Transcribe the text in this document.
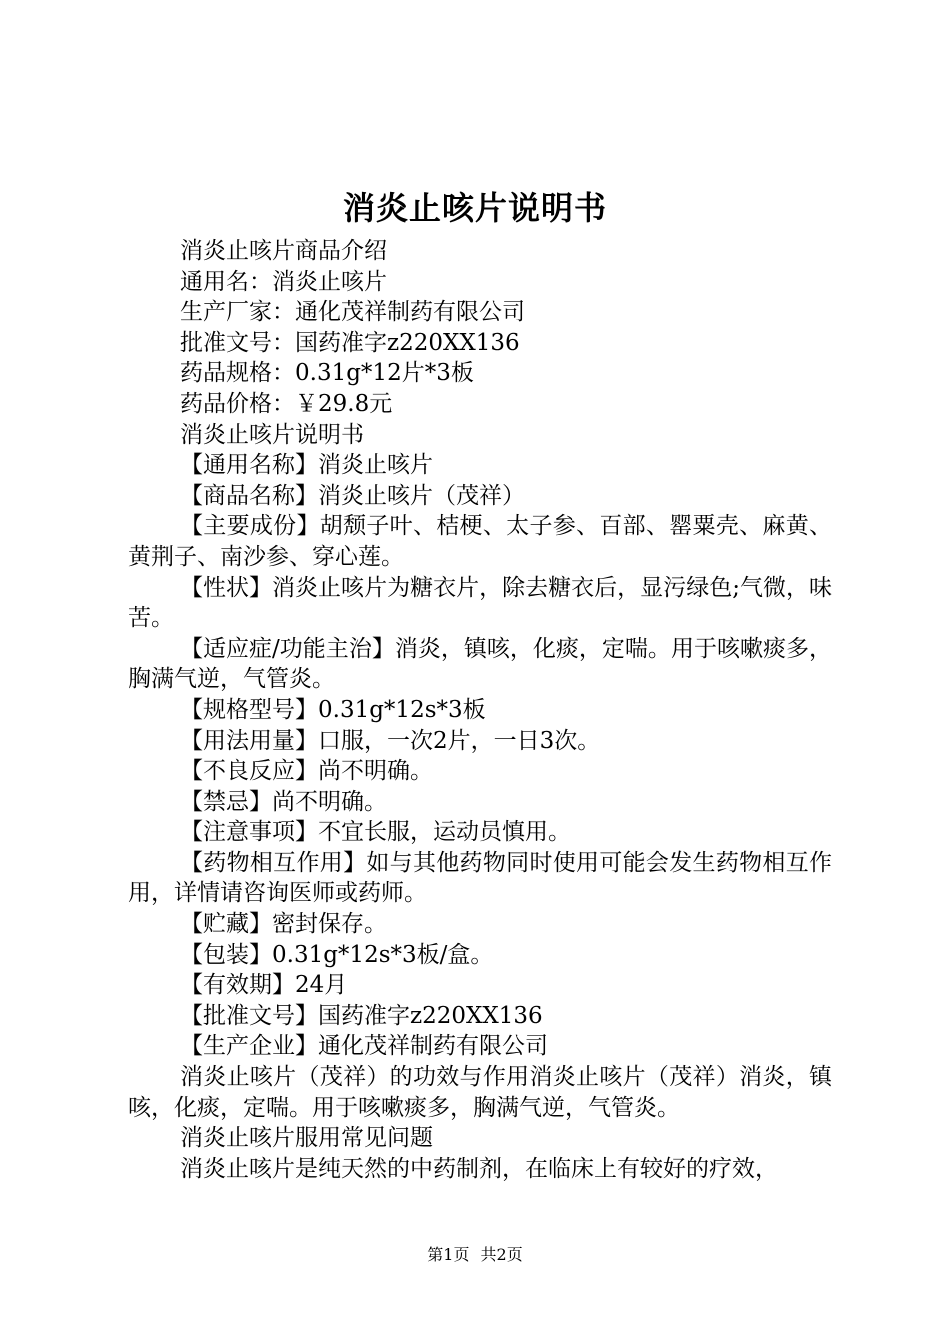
消炎止咳片说明书

消炎止咳片商品介绍

通用名：消炎止咳片

生产厂家：通化茂祥制药有限公司

批准文号：国药准字z220XX136

药品规格：0.31g*12片*3板

药品价格：￥29.8元

消炎止咳片说明书

【通用名称】消炎止咳片

【商品名称】消炎止咳片（茂祥）

【主要成份】胡颓子叶、桔梗、太子参、百部、罂粟壳、麻黄、黄荆子、南沙参、穿心莲。

【性状】消炎止咳片为糖衣片，除去糖衣后，显污绿色;气微，味苦。

【适应症/功能主治】消炎，镇咳，化痰，定喘。用于咳嗽痰多，胸满气逆，气管炎。

【规格型号】0.31g*12s*3板

【用法用量】口服，一次2片，一日3次。

【不良反应】尚不明确。

【禁忌】尚不明确。

【注意事项】不宜长服，运动员慎用。

【药物相互作用】如与其他药物同时使用可能会发生药物相互作用，详情请咨询医师或药师。

【贮藏】密封保存。

【包装】0.31g*12s*3板/盒。

【有效期】24月

【批准文号】国药准字z220XX136

【生产企业】通化茂祥制药有限公司

消炎止咳片（茂祥）的功效与作用消炎止咳片（茂祥）消炎，镇咳，化痰，定喘。用于咳嗽痰多，胸满气逆，气管炎。

消炎止咳片服用常见问题

消炎止咳片是纯天然的中药制剂，在临床上有较好的疗效，

第1页 共2页
